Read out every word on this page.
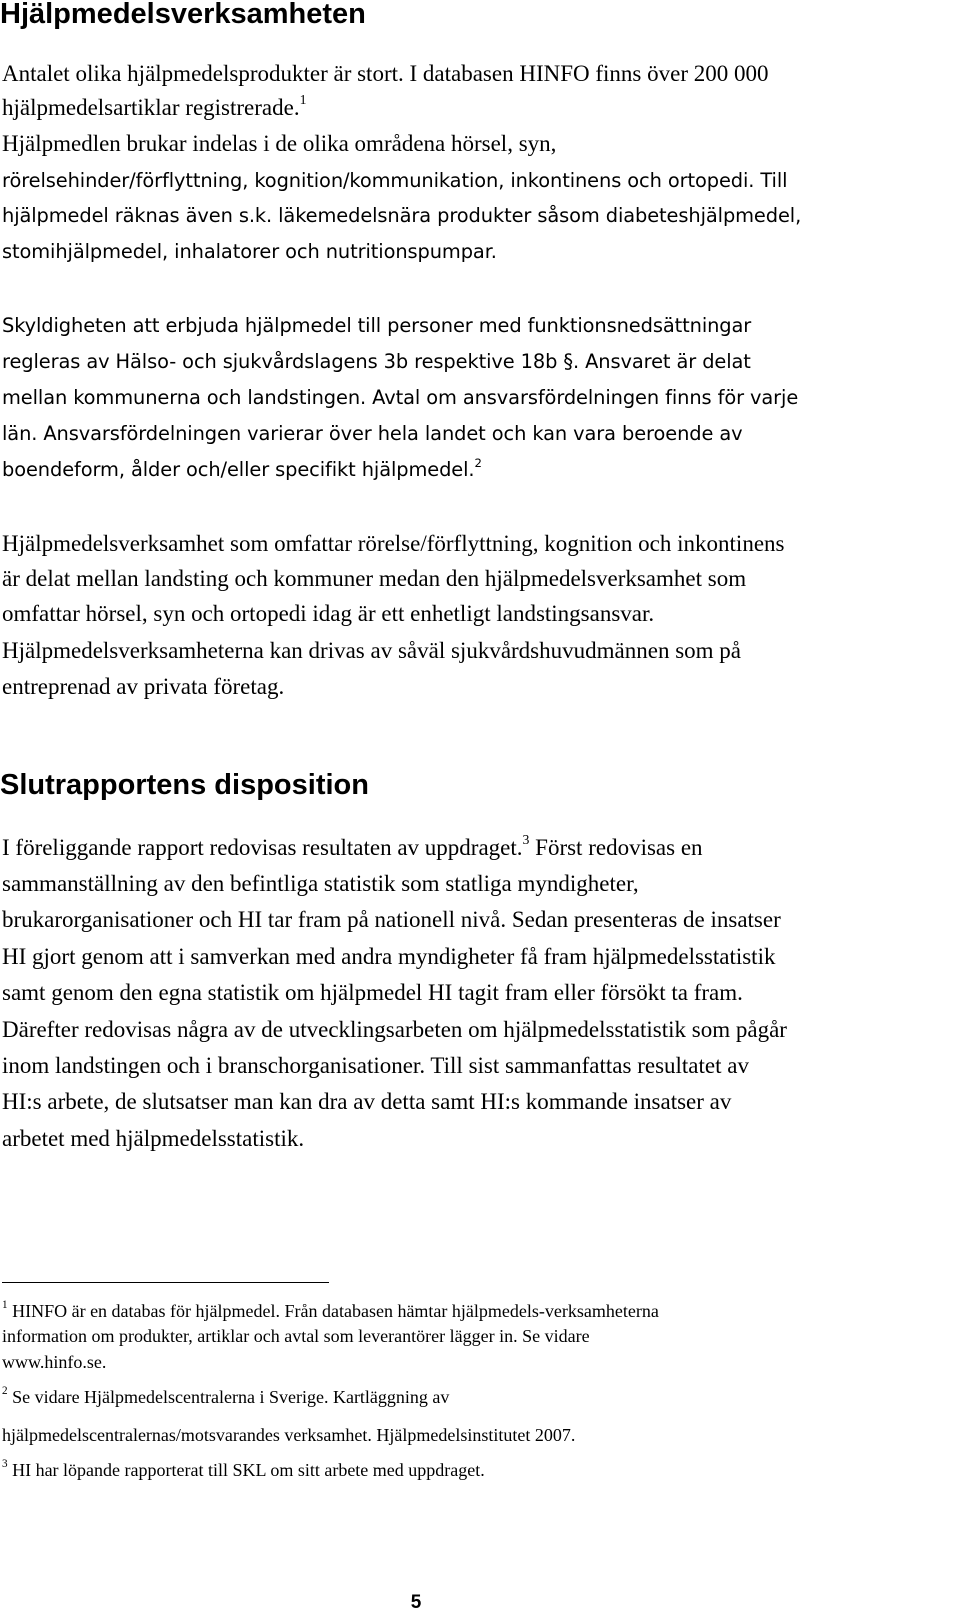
Hjälpmedelsverksamheten

Antalet olika hjälpmedelsprodukter är stort. I databasen HINFO finns över 200 000

hjälpmedelsartiklar registrerade.$^1$

Hjälpmedlen brukar indelas i de olika områdena hörsel, syn,

rörelsehinder/förflyttning, kognition/kommunikation, inkontinens och ortopedi. Till

hjälpmedel räknas även s.k. läkemedelsnära produkter såsom diabeteshjälpmedel,

stomihjälpmedel, inhalatorer och nutritionspumpar.

Skyldigheten att erbjuda hjälpmedel till personer med funktionsnedsättningar

regleras av Hälso- och sjukvårdslagens 3b respektive 18b §. Ansvaret är delat

mellan kommunerna och landstingen. Avtal om ansvarsfördelningen finns för varje

län. Ansvarsfördelningen varierar över hela landet och kan vara beroende av

boendeform, ålder och/eller specifikt hjälpmedel.$^2$

Hjälpmedelsverksamhet som omfattar rörelse/förflyttning, kognition och inkontinens

är delat mellan landsting och kommuner medan den hjälpmedelsverksamhet som

omfattar hörsel, syn och ortopedi idag är ett enhetligt landstingsansvar.

Hjälpmedelsverksamheterna kan drivas av såväl sjukvårdshuvudmännen som på

entreprenad av privata företag.

Slutrapportens disposition

I föreliggande rapport redovisas resultaten av uppdraget.$^3$ Först redovisas en

sammanställning av den befintliga statistik som statliga myndigheter,

brukarorganisationer och HI tar fram på nationell nivå. Sedan presenteras de insatser

HI gjort genom att i samverkan med andra myndigheter få fram hjälpmedelsstatistik

samt genom den egna statistik om hjälpmedel HI tagit fram eller försökt ta fram.

Därefter redovisas några av de utvecklingsarbeten om hjälpmedelsstatistik som pågår

inom landstingen och i branschorganisationer. Till sist sammanfattas resultatet av

HI:s arbete, de slutsatser man kan dra av detta samt HI:s kommande insatser av

arbetet med hjälpmedelsstatistik.

$^1$ HINFO är en databas för hjälpmedel. Från databasen hämtar hjälpmedels-verksamheterna

information om produkter, artiklar och avtal som leverantörer lägger in. Se vidare

www.hinfo.se.

$^2$ Se vidare Hjälpmedelscentralerna i Sverige. Kartläggning av

hjälpmedelscentralernas/motsvarandes verksamhet. Hjälpmedelsinstitutet 2007.

$^3$ HI har löpande rapporterat till SKL om sitt arbete med uppdraget.

5
